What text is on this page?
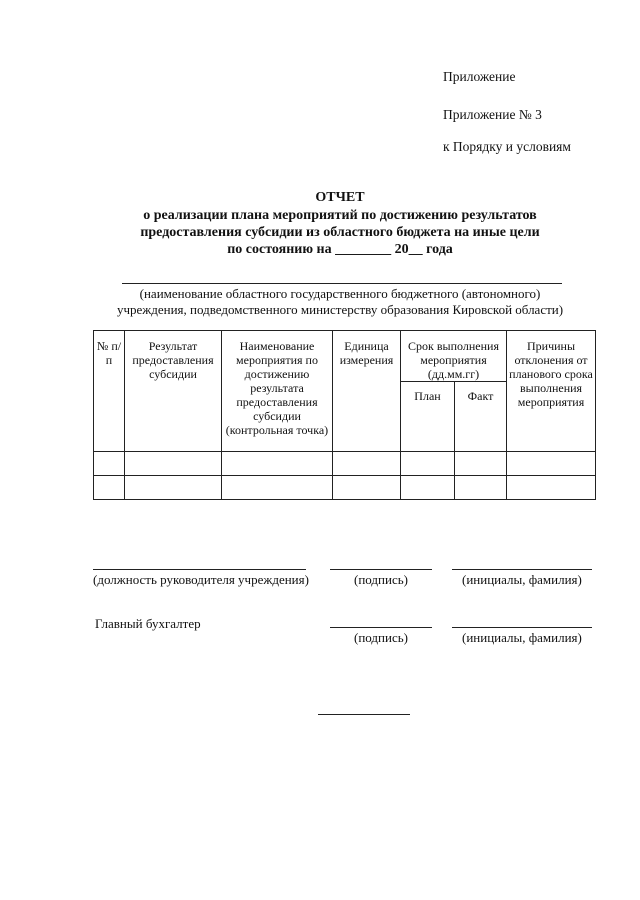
Приложение
Приложение № 3
к Порядку и условиям
ОТЧЕТ
о реализации плана мероприятий по достижению результатов
предоставления субсидии из областного бюджета на иные цели
по состоянию на ________ 20__ года
(наименование областного государственного бюджетного (автономного)
учреждения, подведомственного министерству образования Кировской области)
№ п/п	Результат предоставления субсидии	Наименование мероприятия по достижению результата предоставления субсидии (контрольная точка)	Единица измерения	Срок выполнения мероприятия (дд.мм.гг)		Причины отклонения от планового срока выполнения мероприятия
				План	Факт	

(должность руководителя учреждения)	(подпись)	(инициалы, фамилия)
Главный бухгалтер
(подпись)	(инициалы, фамилия)
